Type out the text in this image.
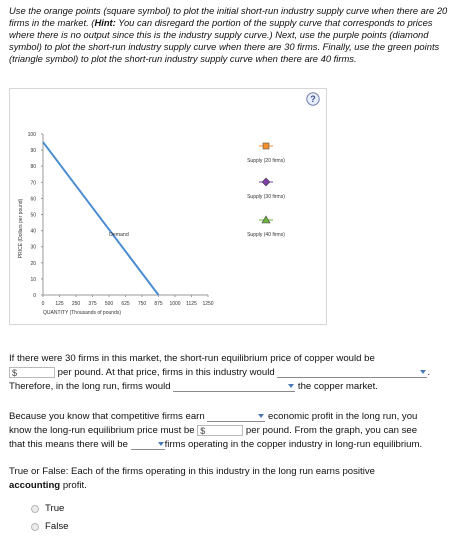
Use the orange points (square symbol) to plot the initial short-run industry supply curve when there are 20 firms in the market. (Hint: You can disregard the portion of the supply curve that corresponds to prices where there is no output since this is the industry supply curve.) Next, use the purple points (diamond symbol) to plot the short-run industry supply curve when there are 30 firms. Finally, use the green points (triangle symbol) to plot the short-run industry supply curve when there are 40 firms.
?
0
10
20
30
40
50
60
70
80
90
100
0 125 250 375 500 625 750 875 1000 1125 1250
QUANTITY (Thousands of pounds)
PRICE (Dollars per pound)	Demand
Supply (20 firms)
Supply (30 firms)
Supply (40 firms)
If there were 30 firms in this market, the short-run equilibrium price of copper would be
$	per pound. At that price, firms in this industry would	.
Therefore, in the long run, firms would	the copper market.
Because you know that competitive firms earn	economic profit in the long run, you
know the long-run equilibrium price must be $	per pound. From the graph, you can see
that this means there will be	firms operating in the copper industry in long-run equilibrium.
True or False: Each of the firms operating in this industry in the long run earns positive
accounting profit.
True
False
